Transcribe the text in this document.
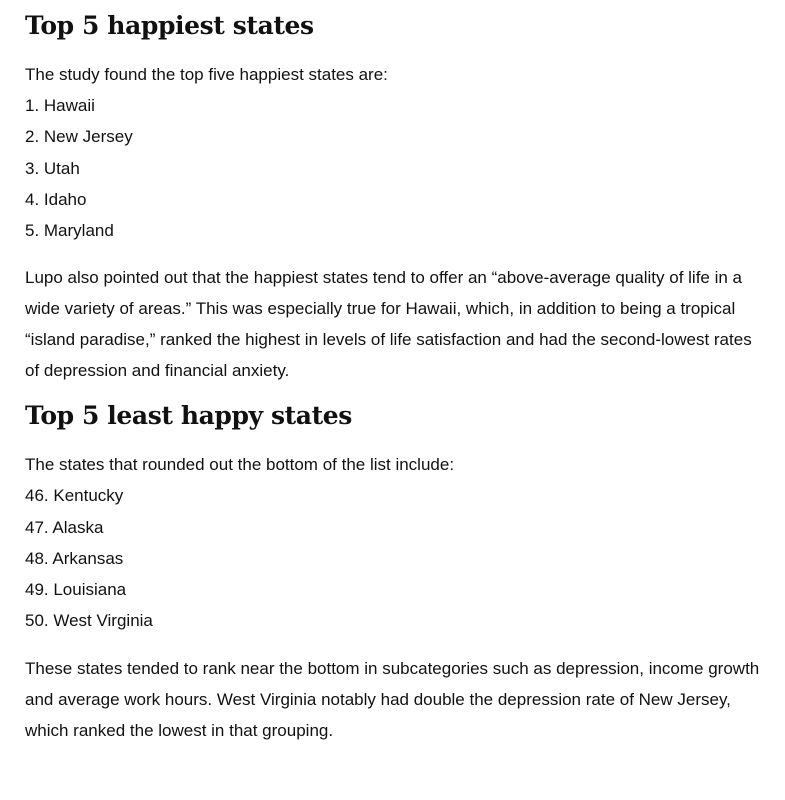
Top 5 happiest states

The study found the top five happiest states are:

1. Hawaii
2. New Jersey
3. Utah
4. Idaho
5. Maryland

Lupo also pointed out that the happiest states tend to offer an “above-average quality of life in a wide variety of areas.” This was especially true for Hawaii, which, in addition to being a tropical “island paradise,” ranked the highest in levels of life satisfaction and had the second-lowest rates of depression and financial anxiety.

Top 5 least happy states

The states that rounded out the bottom of the list include:

46. Kentucky
47. Alaska
48. Arkansas
49. Louisiana
50. West Virginia

These states tended to rank near the bottom in subcategories such as depression, income growth and average work hours. West Virginia notably had double the depression rate of New Jersey, which ranked the lowest in that grouping.
